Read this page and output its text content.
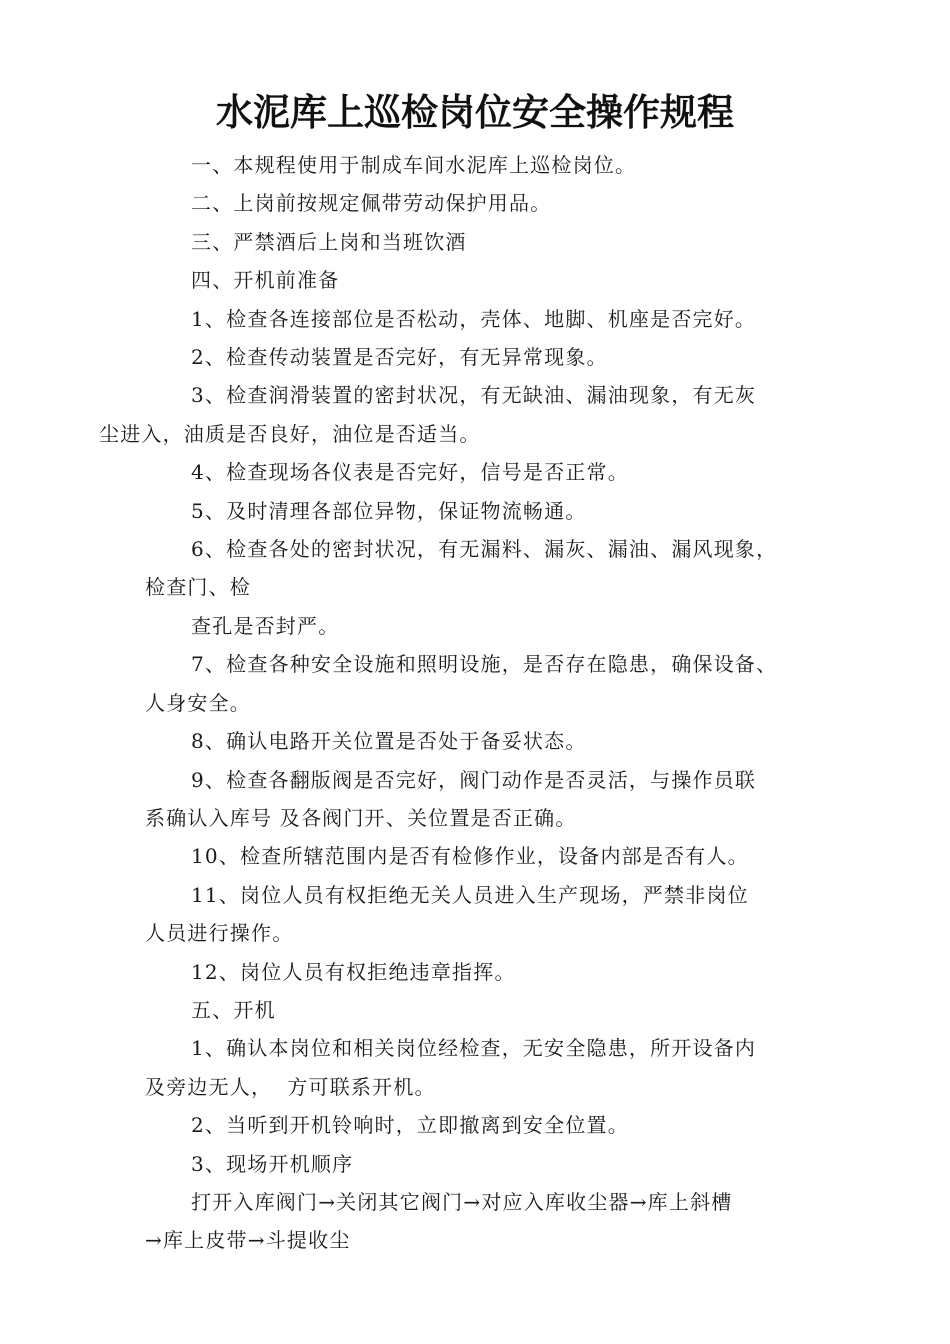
水泥库上巡检岗位安全操作规程

一、本规程使用于制成车间水泥库上巡检岗位。

二、上岗前按规定佩带劳动保护用品。

三、严禁酒后上岗和当班饮酒

四、开机前准备

1、检查各连接部位是否松动，壳体、地脚、机座是否完好。

2、检查传动装置是否完好，有无异常现象。

3、检查润滑装置的密封状况，有无缺油、漏油现象，有无灰
尘进入，油质是否良好，油位是否适当。

4、检查现场各仪表是否完好，信号是否正常。

5、及时清理各部位异物，保证物流畅通。

6、检查各处的密封状况，有无漏料、漏灰、漏油、漏风现象，
检查门、检

查孔是否封严。

7、检查各种安全设施和照明设施，是否存在隐患，确保设备、
人身安全。

8、确认电路开关位置是否处于备妥状态。

9、检查各翻版阀是否完好，阀门动作是否灵活，与操作员联
系确认入库号 及各阀门开、关位置是否正确。

10、检查所辖范围内是否有检修作业，设备内部是否有人。

11、岗位人员有权拒绝无关人员进入生产现场，严禁非岗位
人员进行操作。

12、岗位人员有权拒绝违章指挥。

五、开机

1、确认本岗位和相关岗位经检查，无安全隐患，所开设备内
及旁边无人，  方可联系开机。

2、当听到开机铃响时，立即撤离到安全位置。

3、现场开机顺序

打开入库阀门→关闭其它阀门→对应入库收尘器→库上斜槽
→库上皮带→斗提收尘
